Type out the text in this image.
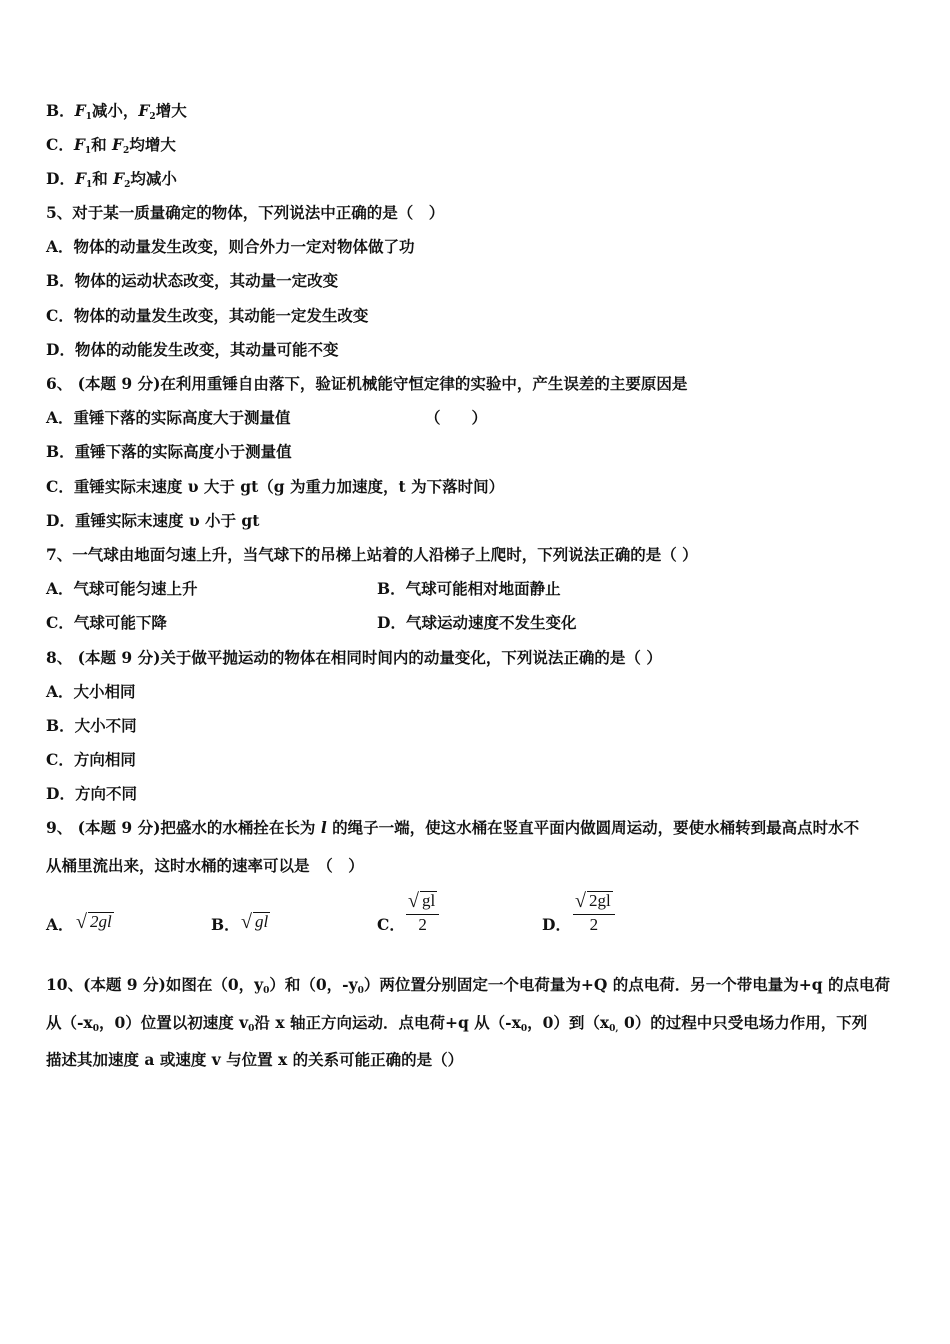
B．$F_1$减小，$F_2$增大
C．$F_1$和 $F_2$均增大
D．$F_1$和 $F_2$均减小
5、对于某一质量确定的物体，下列说法中正确的是（　）
A．物体的动量发生改变，则合外力一定对物体做了功
B．物体的运动状态改变，其动量一定改变
C．物体的动量发生改变，其动能一定发生改变
D．物体的动能发生改变，其动量可能不变
6、 (本题 9 分)在利用重锤自由落下，验证机械能守恒定律的实验中，产生误差的主要原因是
A．重锤下落的实际高度大于测量值	（　　）
B．重锤下落的实际高度小于测量值
C．重锤实际末速度 υ 大于 gt（g 为重力加速度，t 为下落时间）
D．重锤实际末速度 υ 小于 gt
7、一气球由地面匀速上升，当气球下的吊梯上站着的人沿梯子上爬时，下列说法正确的是（ ）
A．气球可能匀速上升	B．气球可能相对地面静止
C．气球可能下降	D．气球运动速度不发生变化
8、 (本题 9 分)关于做平抛运动的物体在相同时间内的动量变化，下列说法正确的是（ ）
A．大小相同
B．大小不同
C．方向相同
D．方向不同
9、 (本题 9 分)把盛水的水桶拴在长为 l 的绳子一端，使这水桶在竖直平面内做圆周运动，要使水桶转到最高点时水不
从桶里流出来，这时水桶的速率可以是　（　）
A． √ 2gl	B． √ gl	C． $\frac{√ gl}{2}$	D． $\frac{√ 2gl}{2}$
10、(本题 9 分)如图在（0，$y_0$）和（0，$-y_0$）两位置分别固定一个电荷量为+Q 的点电荷．另一个带电量为+q 的点电荷
从（$-x_0$，0）位置以初速度 $v_0$沿 x 轴正方向运动．点电荷+q 从（$-x_0$，0）到（$x_{0,}$ 0）的过程中只受电场力作用，下列
描述其加速度 a 或速度 v 与位置 x 的关系可能正确的是（）
